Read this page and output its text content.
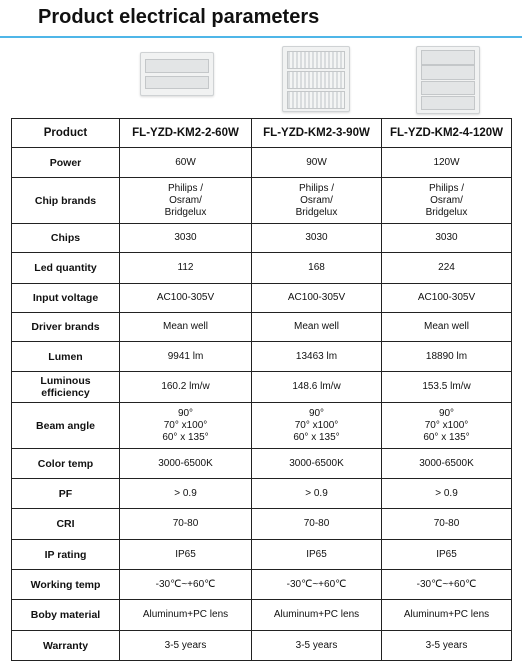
Product electrical parameters
Product	FL-YZD-KM2-2-60W	FL-YZD-KM2-3-90W	FL-YZD-KM2-4-120W
Power	60W	90W	120W
Chip brands	Philips /
Osram/
Bridgelux	Philips /
Osram/
Bridgelux	Philips /
Osram/
Bridgelux

Chips	3030	3030	3030
Led quantity	112	168	224
Input voltage	AC100-305V	AC100-305V	AC100-305V
Driver brands	Mean well	Mean well	Mean well
Lumen	9941 lm	13463 lm	18890 lm

Luminous
efficiency	160.2 lm/w	148.6 lm/w	153.5 lm/w
Beam angle	90°
70° x100°
60° x 135°	90°
70° x100°
60° x 135°	90°
70° x100°
60° x 135°

Color temp	3000-6500K	3000-6500K	3000-6500K
PF	> 0.9	> 0.9	> 0.9
CRI	70-80	70-80	70-80
IP rating	IP65	IP65	IP65
Working temp	-30℃~+60℃	-30℃~+60℃	-30℃~+60℃
Boby material	Aluminum+PC lens	Aluminum+PC lens	Aluminum+PC lens
Warranty	3-5 years	3-5 years	3-5 years
